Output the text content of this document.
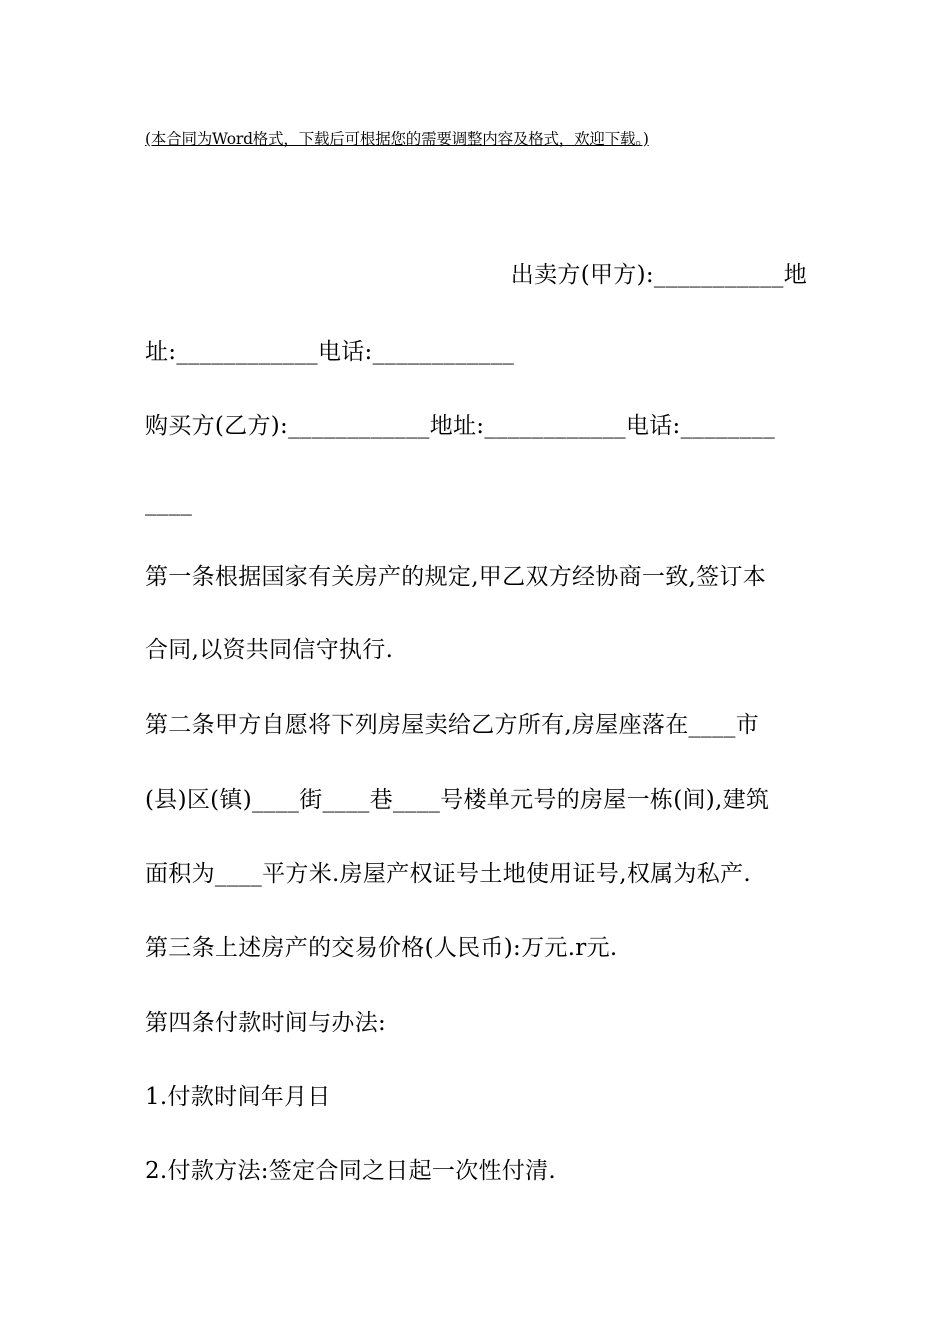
(本合同为Word格式，下载后可根据您的需要调整内容及格式，欢迎下载。)
出卖方(甲方):___________地
址:____________电话:____________
购买方(乙方):____________地址:____________电话:________
____
第一条根据国家有关房产的规定,甲乙双方经协商一致,签订本
合同,以资共同信守执行.
第二条甲方自愿将下列房屋卖给乙方所有,房屋座落在____市
(县)区(镇)____街____巷____号楼单元号的房屋一栋(间),建筑
面积为____平方米.房屋产权证号土地使用证号,权属为私产.
第三条上述房产的交易价格(人民币):万元.r元.
第四条付款时间与办法:
1.付款时间年月日
2.付款方法:签定合同之日起一次性付清.
